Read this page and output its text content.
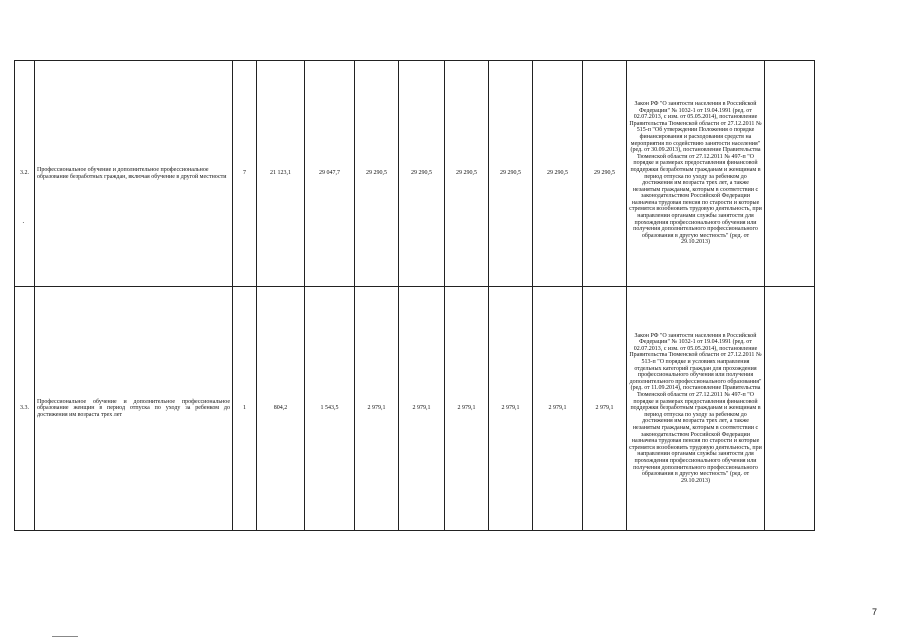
·
3.2.	Профессиональное обучение и дополнительное профессиональное образование безработных граждан, включая обучение в другой местности	7	21 123,1	29 047,7	29 290,5	29 290,5	29 290,5	29 290,5	29 290,5	29 290,5	Закон РФ "О занятости населения в Российской Федерации" № 1032-1 от 19.04.1991 (ред. от 02.07.2013, с изм. от 05.05.2014), постановление Правительства Тюменской области от 27.12.2011 № 515-п "Об утверждении Положения о порядке финансирования и расходования средств на мероприятия по содействию занятости населения" (ред. от 30.09.2013), постановление Правительства Тюменской области от 27.12.2011 № 497-п "О порядке и размерах предоставления финансовой поддержки безработным гражданам и женщинам в период отпуска по уходу за ребенком до достижения им возраста трех лет, а также незанятым гражданам, которым в соответствии с законодательством Российской Федерации назначена трудовая пенсия по старости и которые стремятся возобновить трудовую деятельность, при направлении органами службы занятости для прохождения профессионального обучения или получения дополнительного профессионального образования в другую местность" (ред. от 29.10.2013)	
3.3.	Профессиональное обучение и дополнительное профессиональное образование женщин в период отпуска по уходу за ребенком до достижения им возраста трех лет	1	804,2	1 543,5	2 979,1	2 979,1	2 979,1	2 979,1	2 979,1	2 979,1	Закон РФ "О занятости населения в Российской Федерации" № 1032-1 от 19.04.1991 (ред. от 02.07.2013, с изм. от 05.05.2014), постановление Правительства Тюменской области от 27.12.2011 № 513-п "О порядке и условиях направления отдельных категорий граждан для прохождения профессионального обучения или получения дополнительного профессионального образования" (ред. от 11.09.2014), постановление Правительства Тюменской области от 27.12.2011 № 497-п "О порядке и размерах предоставления финансовой поддержки безработным гражданам и женщинам в период отпуска по уходу за ребенком до достижения им возраста трех лет, а также незанятым гражданам, которым в соответствии с законодательством Российской Федерации назначена трудовая пенсия по старости и которые стремятся возобновить трудовую деятельность, при направлении органами службы занятости для прохождения профессионального обучения или получения дополнительного профессионального образования в другую местность" (ред. от 29.10.2013)	
7
